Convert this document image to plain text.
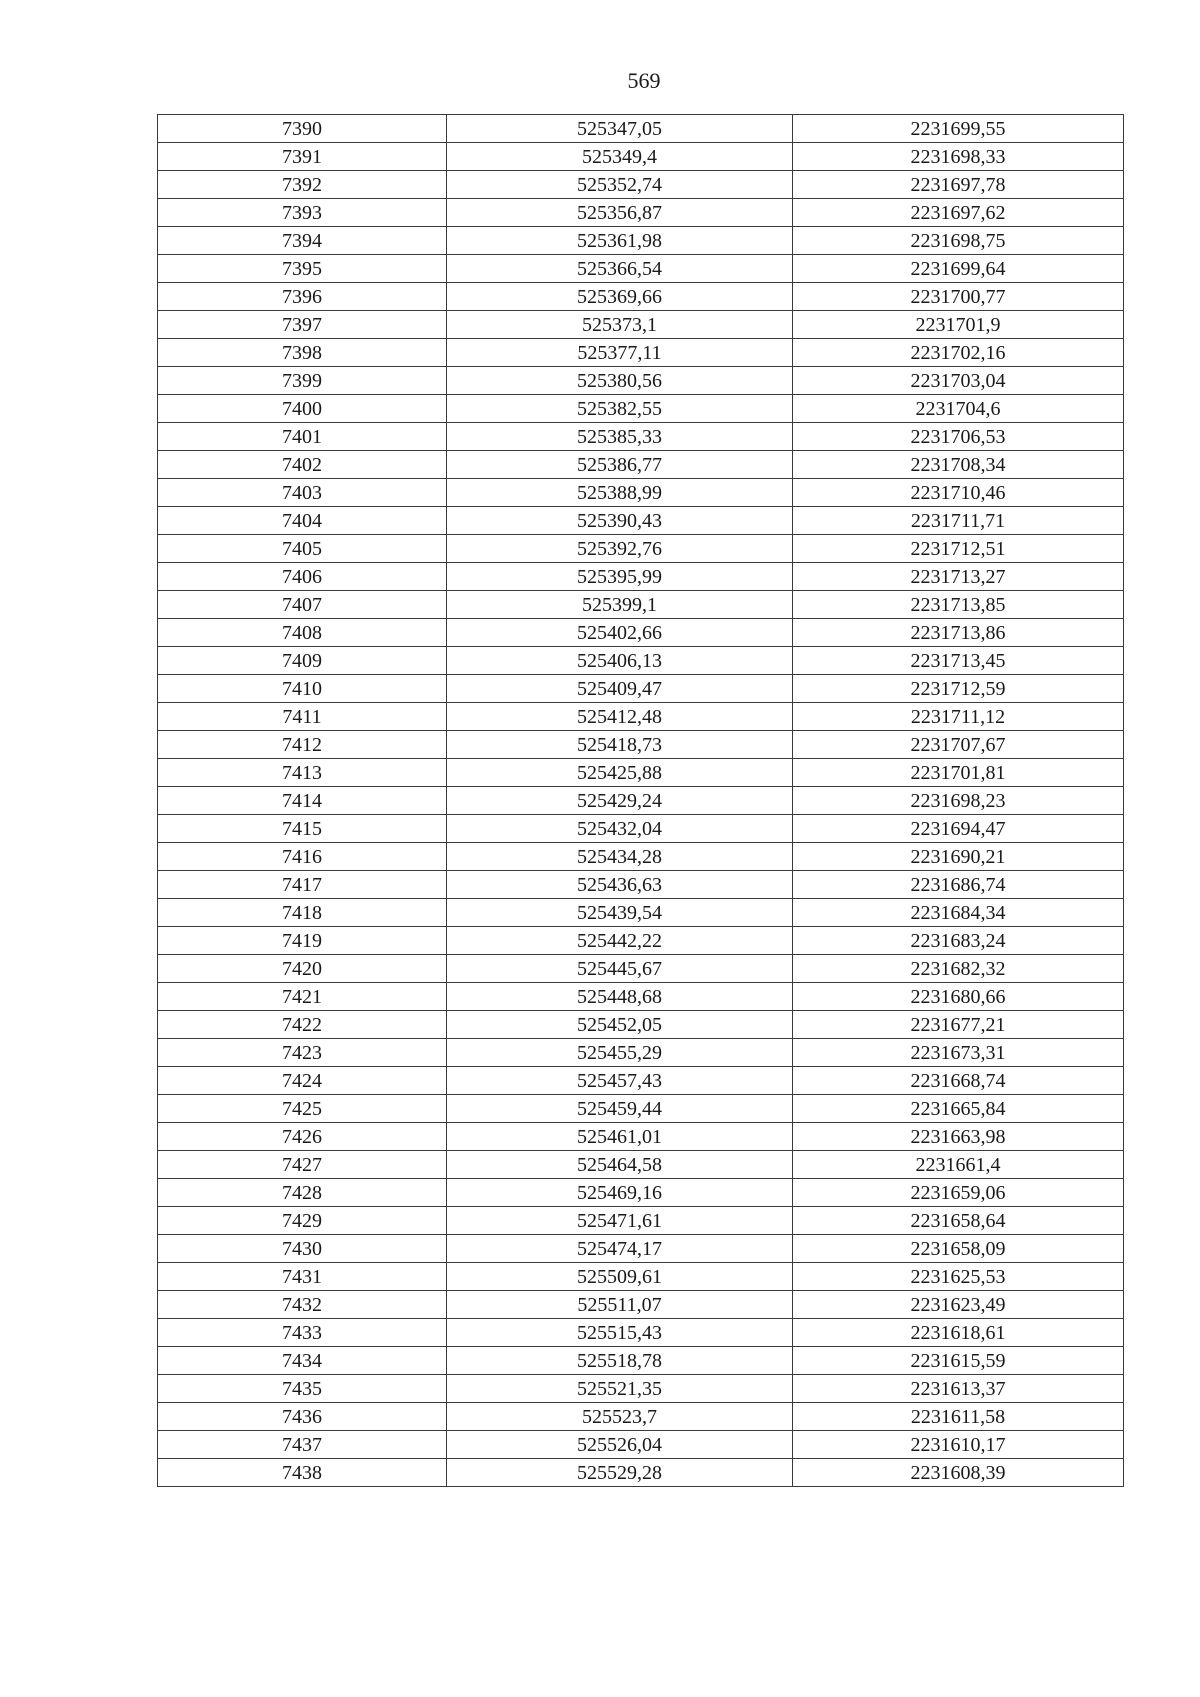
569
7390	525347,05	2231699,55
7391	525349,4	2231698,33
7392	525352,74	2231697,78
7393	525356,87	2231697,62
7394	525361,98	2231698,75
7395	525366,54	2231699,64
7396	525369,66	2231700,77
7397	525373,1	2231701,9
7398	525377,11	2231702,16
7399	525380,56	2231703,04
7400	525382,55	2231704,6
7401	525385,33	2231706,53
7402	525386,77	2231708,34
7403	525388,99	2231710,46
7404	525390,43	2231711,71
7405	525392,76	2231712,51
7406	525395,99	2231713,27
7407	525399,1	2231713,85
7408	525402,66	2231713,86
7409	525406,13	2231713,45
7410	525409,47	2231712,59
7411	525412,48	2231711,12
7412	525418,73	2231707,67
7413	525425,88	2231701,81
7414	525429,24	2231698,23
7415	525432,04	2231694,47
7416	525434,28	2231690,21
7417	525436,63	2231686,74
7418	525439,54	2231684,34
7419	525442,22	2231683,24
7420	525445,67	2231682,32
7421	525448,68	2231680,66
7422	525452,05	2231677,21
7423	525455,29	2231673,31
7424	525457,43	2231668,74
7425	525459,44	2231665,84
7426	525461,01	2231663,98
7427	525464,58	2231661,4
7428	525469,16	2231659,06
7429	525471,61	2231658,64
7430	525474,17	2231658,09
7431	525509,61	2231625,53
7432	525511,07	2231623,49
7433	525515,43	2231618,61
7434	525518,78	2231615,59
7435	525521,35	2231613,37
7436	525523,7	2231611,58
7437	525526,04	2231610,17
7438	525529,28	2231608,39
